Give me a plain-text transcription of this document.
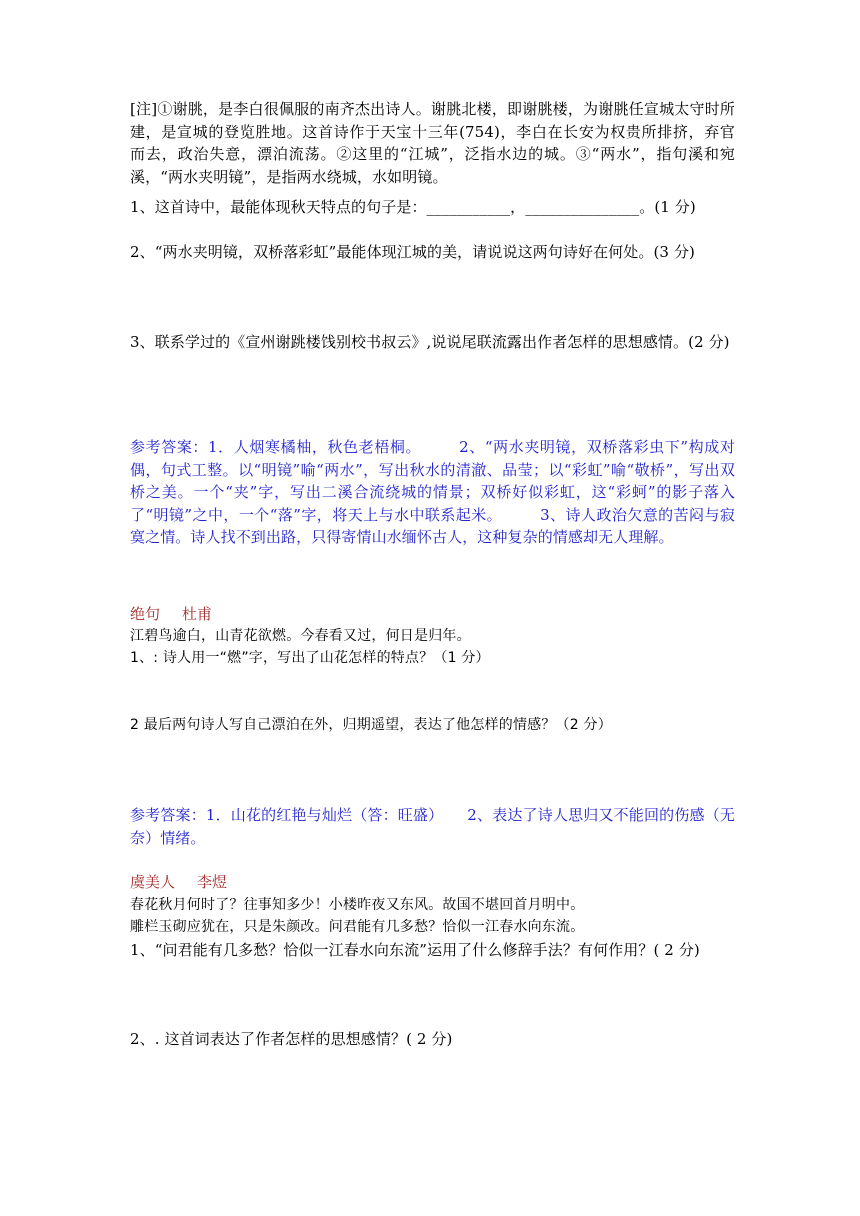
[注]①谢朓，是李白很佩服的南齐杰出诗人。谢朓北楼，即谢朓楼，为谢朓任宣城太守时所建，是宣城的登览胜地。这首诗作于天宝十三年(754)，李白在长安为权贵所排挤，弃官　而去，政治失意，漂泊流荡。②这里的“江城”，泛指水边的城。③“两水”，指句溪和宛溪，“两水夹明镜”，是指两水绕城，水如明镜。

1、这首诗中，最能体现秋天特点的句子是：___________，_______________。(1 分)

2、“两水夹明镜，双桥落彩虹”最能体现江城的美，请说说这两句诗好在何处。(3 分)

3、联系学过的《宣州谢跳楼饯别校书叔云》,说说尾联流露出作者怎样的思想感情。(2 分)

参考答案：1．人烟寒橘柚，秋色老梧桐。	2、“两水夹明镜，双桥落彩虫下”构成对偶，句式工整。以“明镜”喻“两水”，写出秋水的清澈、品莹；以“彩虹”喻“敬桥”，写出双桥之美。一个“夹”字，写出二溪合流绕城的情景；双桥好似彩虹，这“彩蚵”的影子落入了“明镜”之中，一个“落”字，将天上与水中联系起米。	3、诗人政治欠意的苦闷与寂寞之情。诗人找不到出路，只得寄情山水缅怀古人，这种复杂的情感却无人理解。

绝句 杜甫

江碧鸟逾白，山青花欲燃。今春看又过，何日是归年。

1、: 诗人用一“燃”字，写出了山花怎样的特点？（1 分）

2 最后两句诗人写自己漂泊在外，归期遥望，表达了他怎样的情感？（2 分）

参考答案：1．山花的红艳与灿烂（答：旺盛） 2、表达了诗人思归又不能回的伤感（无奈）情绪。

虞美人 李煜

春花秋月何时了？往事知多少！小楼昨夜又东风。故国不堪回首月明中。

雕栏玉砌应犹在，只是朱颜改。问君能有几多愁？恰似一江春水向东流。

1、“问君能有几多愁？恰似一江春水向东流”运用了什么修辞手法？有何作用？( 2 分)

2、. 这首词表达了作者怎样的思想感情？( 2 分)
